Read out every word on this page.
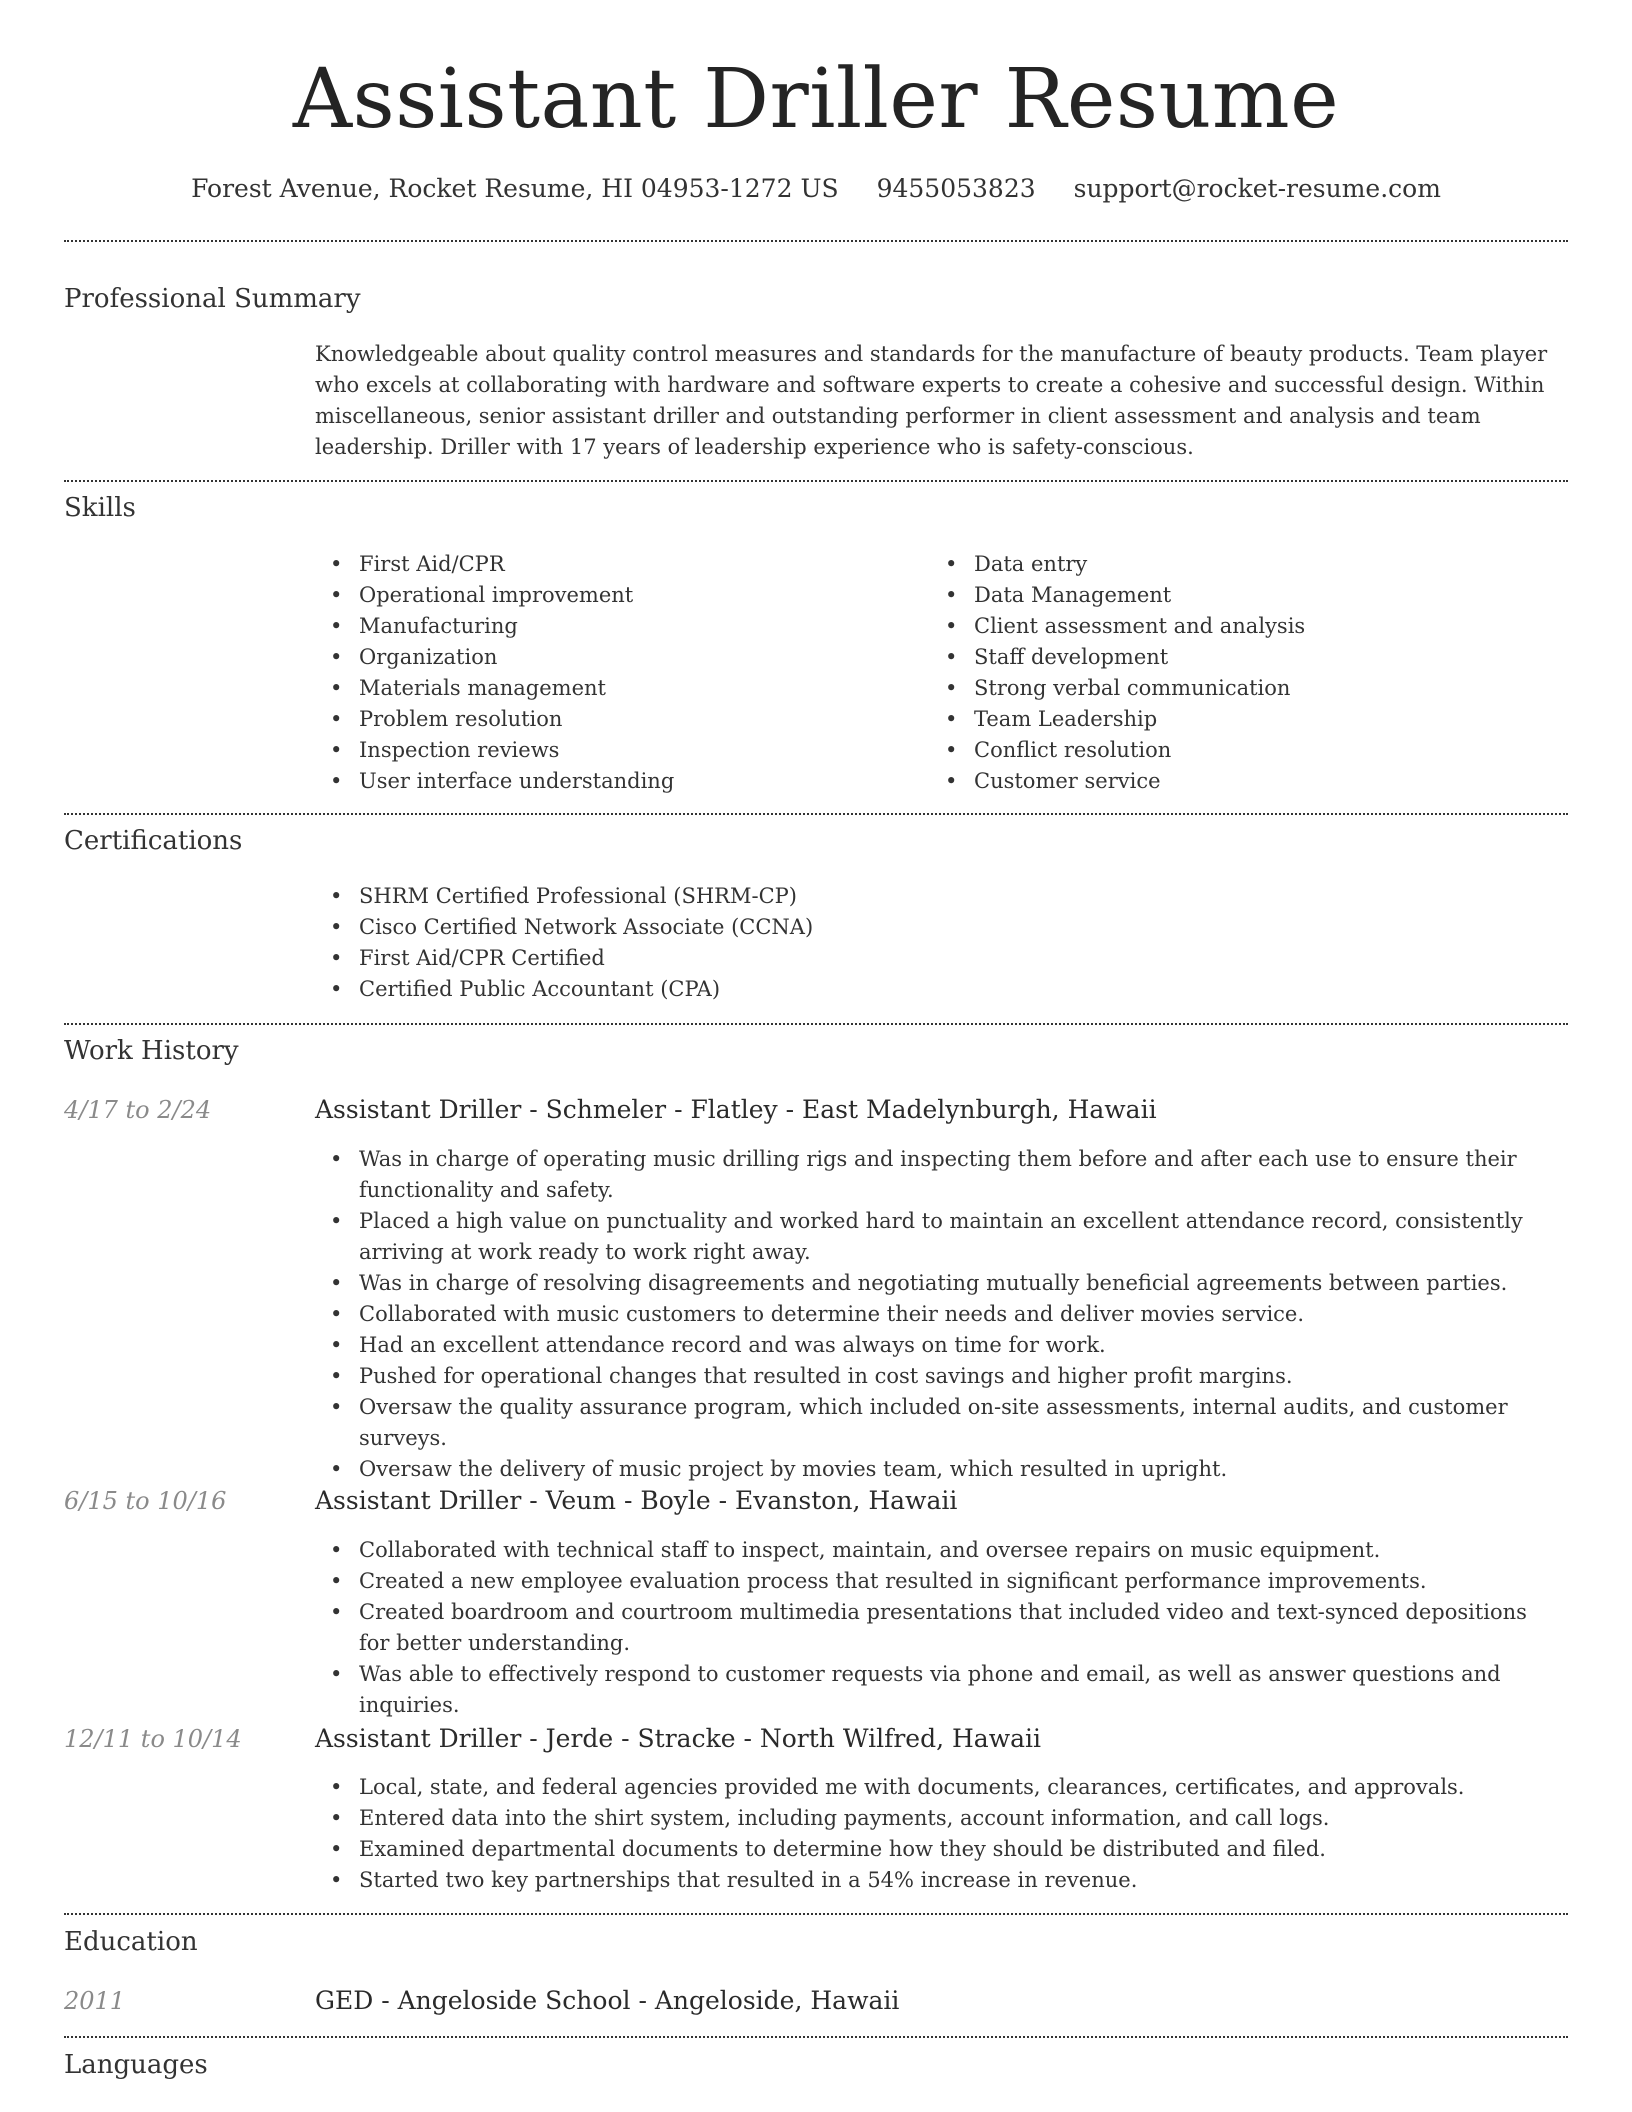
Assistant Driller Resume
Forest Avenue, Rocket Resume, HI 04953-1272 US 9455053823 support@rocket-resume.com
Professional Summary
Knowledgeable about quality control measures and standards for the manufacture of beauty products. Team player who excels at collaborating with hardware and software experts to create a cohesive and successful design. Within miscellaneous, senior assistant driller and outstanding performer in client assessment and analysis and team leadership. Driller with 17 years of leadership experience who is safety-conscious.
Skills
• First Aid/CPR
• Operational improvement
• Manufacturing
• Organization
• Materials management
• Problem resolution
• Inspection reviews
• User interface understanding
• Data entry
• Data Management
• Client assessment and analysis
• Staff development
• Strong verbal communication
• Team Leadership
• Conflict resolution
• Customer service
Certifications
• SHRM Certified Professional (SHRM-CP)
• Cisco Certified Network Associate (CCNA)
• First Aid/CPR Certified
• Certified Public Accountant (CPA)
Work History
4/17 to 2/24	Assistant Driller - Schmeler - Flatley - East Madelynburgh, Hawaii
• Was in charge of operating music drilling rigs and inspecting them before and after each use to ensure their functionality and safety.
• Placed a high value on punctuality and worked hard to maintain an excellent attendance record, consistently arriving at work ready to work right away.
• Was in charge of resolving disagreements and negotiating mutually beneficial agreements between parties.
• Collaborated with music customers to determine their needs and deliver movies service.
• Had an excellent attendance record and was always on time for work.
• Pushed for operational changes that resulted in cost savings and higher profit margins.
• Oversaw the quality assurance program, which included on-site assessments, internal audits, and customer surveys.
• Oversaw the delivery of music project by movies team, which resulted in upright.
6/15 to 10/16	Assistant Driller - Veum - Boyle - Evanston, Hawaii
• Collaborated with technical staff to inspect, maintain, and oversee repairs on music equipment.
• Created a new employee evaluation process that resulted in significant performance improvements.
• Created boardroom and courtroom multimedia presentations that included video and text-synced depositions for better understanding.
• Was able to effectively respond to customer requests via phone and email, as well as answer questions and inquiries.
12/11 to 10/14	Assistant Driller - Jerde - Stracke - North Wilfred, Hawaii
• Local, state, and federal agencies provided me with documents, clearances, certificates, and approvals.
• Entered data into the shirt system, including payments, account information, and call logs.
• Examined departmental documents to determine how they should be distributed and filed.
• Started two key partnerships that resulted in a 54% increase in revenue.
Education
2011	GED - Angeloside School - Angeloside, Hawaii
Languages
